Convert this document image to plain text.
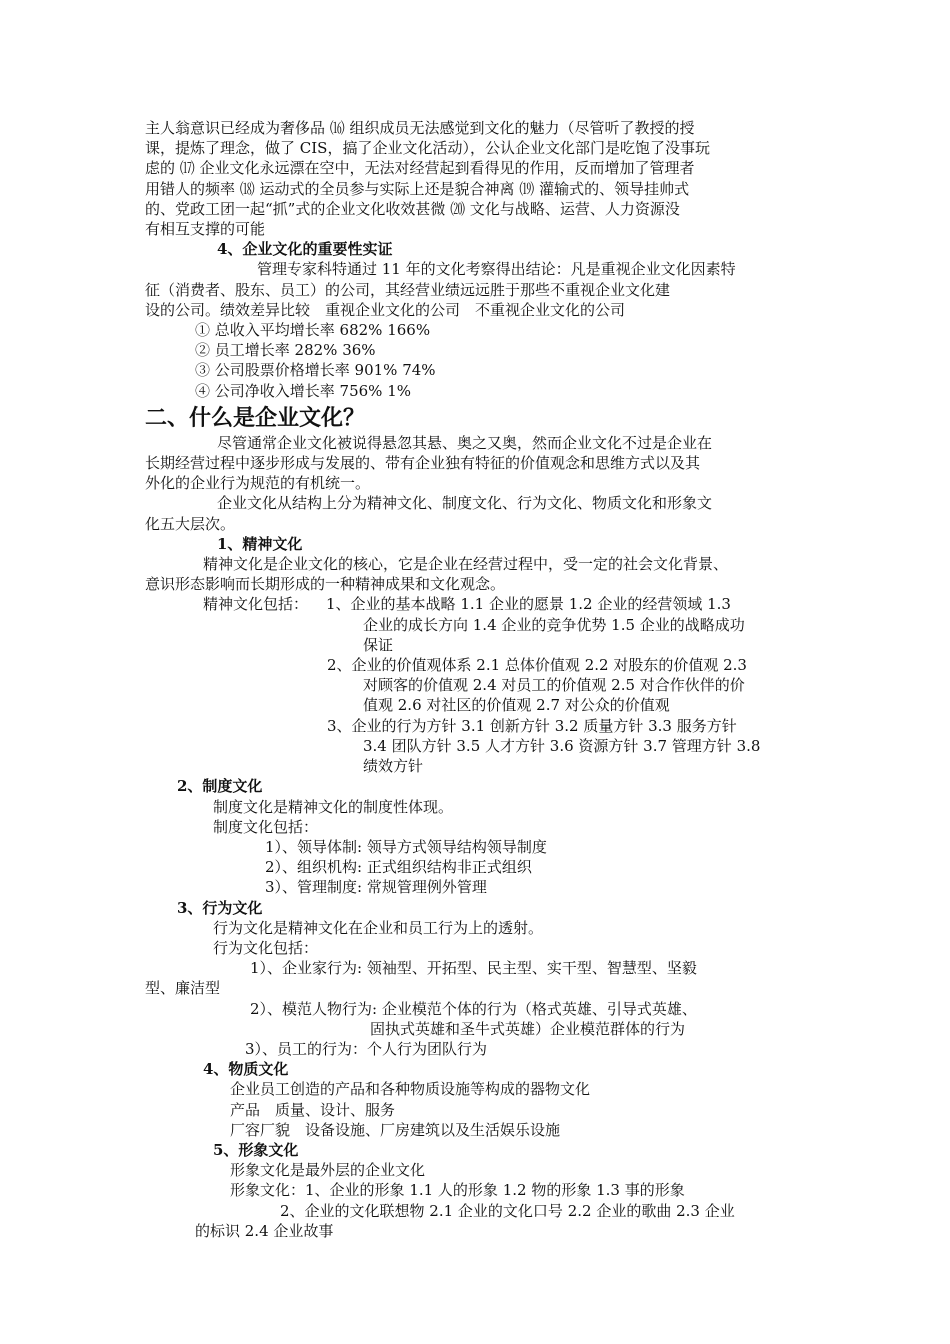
主人翁意识已经成为奢侈品 ⒃ 组织成员无法感觉到文化的魅力（尽管听了教授的授
课，提炼了理念，做了 CIS，搞了企业文化活动），公认企业文化部门是吃饱了没事玩
虑的 ⒄ 企业文化永远漂在空中，无法对经营起到看得见的作用，反而增加了管理者
用错人的频率 ⒅ 运动式的全员参与实际上还是貌合神离 ⒆ 灌输式的、领导挂帅式
的、党政工团一起“抓”式的企业文化收效甚微 ⒇ 文化与战略、运营、人力资源没
有相互支撑的可能
4、企业文化的重要性实证
管理专家科特通过 11 年的文化考察得出结论：凡是重视企业文化因素特
征（消费者、股东、员工）的公司，其经营业绩远远胜于那些不重视企业文化建
设的公司。绩效差异比较　重视企业文化的公司　不重视企业文化的公司
① 总收入平均增长率 682% 166%
② 员工增长率 282% 36%
③ 公司股票价格增长率 901% 74%
④ 公司净收入增长率 756% 1%
二、什么是企业文化？
尽管通常企业文化被说得悬忽其悬、奥之又奥，然而企业文化不过是企业在
长期经营过程中逐步形成与发展的、带有企业独有特征的价值观念和思维方式以及其
外化的企业行为规范的有机统一。
企业文化从结构上分为精神文化、制度文化、行为文化、物质文化和形象文
化五大层次。
1、精神文化
精神文化是企业文化的核心，它是企业在经营过程中，受一定的社会文化背景、
意识形态影响而长期形成的一种精神成果和文化观念。
精神文化包括： 1、企业的基本战略 1.1 企业的愿景 1.2 企业的经营领域 1.3
企业的成长方向 1.4 企业的竞争优势 1.5 企业的战略成功
保证
2、企业的价值观体系 2.1 总体价值观 2.2 对股东的价值观 2.3
对顾客的价值观 2.4 对员工的价值观 2.5 对合作伙伴的价
值观 2.6 对社区的价值观 2.7 对公众的价值观
3、企业的行为方针 3.1 创新方针 3.2 质量方针 3.3 服务方针
3.4 团队方针 3.5 人才方针 3.6 资源方针 3.7 管理方针 3.8
绩效方针
2、制度文化
制度文化是精神文化的制度性体现。
制度文化包括：
1）、领导体制: 领导方式领导结构领导制度
2）、组织机构: 正式组织结构非正式组织
3）、管理制度: 常规管理例外管理
3、行为文化
行为文化是精神文化在企业和员工行为上的透射。
行为文化包括：
1）、企业家行为: 领袖型、开拓型、民主型、实干型、智慧型、坚毅
型、廉洁型
2）、模范人物行为: 企业模范个体的行为（格式英雄、引导式英雄、
固执式英雄和圣牛式英雄）企业模范群体的行为
3）、员工的行为：个人行为团队行为
4、物质文化
企业员工创造的产品和各种物质设施等构成的器物文化
产品　质量、设计、服务
厂容厂貌　设备设施、厂房建筑以及生活娱乐设施
5、形象文化
形象文化是最外层的企业文化
形象文化：1、企业的形象 1.1 人的形象 1.2 物的形象 1.3 事的形象
2、企业的文化联想物 2.1 企业的文化口号 2.2 企业的歌曲 2.3 企业
的标识 2.4 企业故事
